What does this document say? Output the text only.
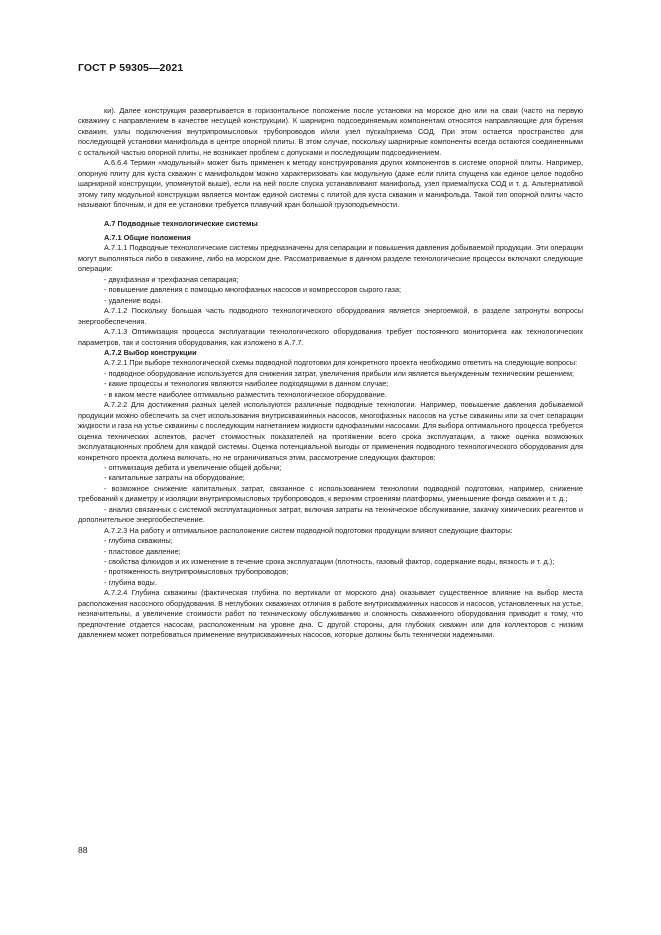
ГОСТ Р 59305—2021

ки). Далее конструкция развертывается в горизонтальное положение после установки на морское дно или на сваи (часто на первую скважину с направлением в качестве несущей конструкции). К шарнирно подсоединяемым компонентам относятся направляющие для бурения скважин, узлы подключения внутрипромысловых трубопроводов и/или узел пуска/приема СОД. При этом остается пространство для последующей установки манифольда в центре опорной плиты. В этом случае, поскольку шарнирные компоненты всегда остаются соединенными с остальной частью опорной плиты, не возникает проблем с допусками и последующим подсоединением.

А.6.6.4 Термин «модульный» может быть применен к методу конструирования других компонентов в системе опорной плиты. Например, опорную плиту для куста скважин с манифольдом можно характеризовать как модульную (даже если плита спущена как единое целое подобно шарнирной конструкции, упомянутой выше), если на ней после спуска устанавливают манифольд, узел приема/пуска СОД и т. д. Альтернативой этому типу модульной конструкции является монтаж единой системы с плитой для куста скважин и манифольда. Такой тип опорной плиты часто называют блочным, и для ее установки требуется плавучий кран большой грузоподъемности.

А.7 Подводные технологические системы
А.7.1 Общие положения

А.7.1.1 Подводные технологические системы предназначены для сепарации и повышения давления добываемой продукции. Эти операции могут выполняться либо в скважине, либо на морском дне. Рассматриваемые в данном разделе технологические процессы включают следующие операции:

- двухфазная и трехфазная сепарация;

- повышение давления с помощью многофазных насосов и компрессоров сырого газа;

- удаление воды.

А.7.1.2 Поскольку большая часть подводного технологического оборудования является энергоемкой, в разделе затронуты вопросы энергообеспечения.

А.7.1.3 Оптимизация процесса эксплуатации технологического оборудования требует постоянного мониторинга как технологических параметров, так и состояния оборудования, как изложено в А.7.7.

А.7.2 Выбор конструкции

А.7.2.1 При выборе технологической схемы подводной подготовки для конкретного проекта необходимо ответить на следующие вопросы:

- подводное оборудование используется для снижения затрат, увеличения прибыли или является вынужденным техническим решением;

- какие процессы и технология являются наиболее подходящими в данном случае;

- в каком месте наиболее оптимально разместить технологическое оборудование.

А.7.2.2 Для достижения разных целей используются различные подводные технологии. Например, повышение давления добываемой продукции можно обеспечить за счет использования внутрискважинных насосов, многофазных насосов на устье скважины или за счет сепарации жидкости и газа на устье скважины с последующим нагнетанием жидкости однофазными насосами. Для выбора оптимального процесса требуется оценка технических аспектов, расчет стоимостных показателей на протяжении всего срока эксплуатации, а также оценка возможных эксплуатационных проблем для каждой системы. Оценка потенциальной выгоды от применения подводного технологического оборудования для конкретного проекта должна включать, но не ограничиваться этим, рассмотрение следующих факторов:

- оптимизация дебита и увеличение общей добычи;

- капитальные затраты на оборудование;

- возможное снижение капитальных затрат, связанное с использованием технологии подводной подготовки, например, снижение требований к диаметру и изоляции внутрипромысловых трубопроводов, к верхним строениям платформы, уменьшение фонда скважин и т. д.;

- анализ связанных с системой эксплуатационных затрат, включая затраты на техническое обслуживание, закачку химических реагентов и дополнительное энергообеспечение.

А.7.2.3 На работу и оптимальное расположение систем подводной подготовки продукции влияют следующие факторы:

- глубина скважины;

- пластовое давление;

- свойства флюидов и их изменение в течение срока эксплуатации (плотность, газовый фактор, содержание воды, вязкость и т. д.);

- протяженность внутрипромысловых трубопроводов;

- глубина воды.

А.7.2.4 Глубина скважины (фактическая глубина по вертикали от морского дна) оказывает существенное влияние на выбор места расположения насосного оборудования. В неглубоких скважинах отличия в работе внутрискважинных насосов и насосов, установленных на устье, незначительны, а увеличение стоимости работ по техническому обслуживанию и сложность скважинного оборудования приводит к тому, что предпочтение отдается насосам, расположенным на уровне дна. С другой стороны, для глубоких скважин или для коллекторов с низким давлением может потребоваться применение внутрискважинных насосов, которые должны быть технически надежными.

88
